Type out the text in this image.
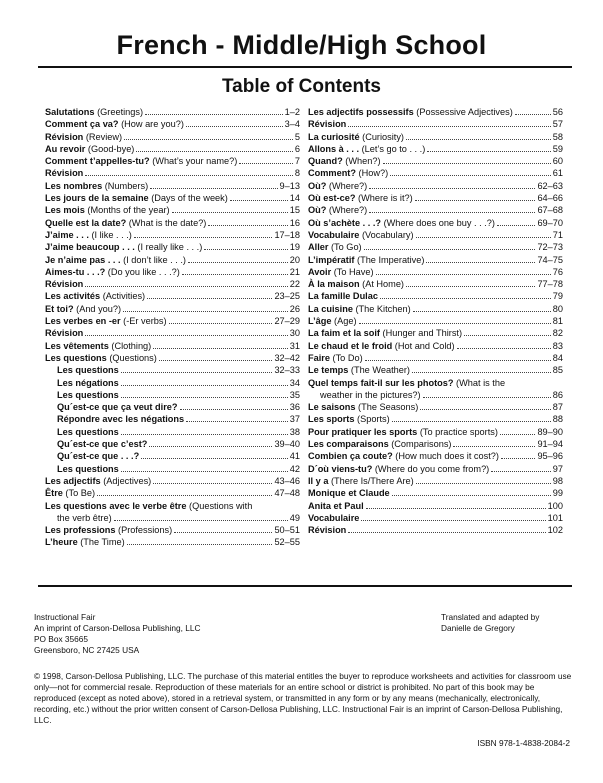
French - Middle/High School
Table of Contents
Salutations (Greetings)	1–2
Comment ça va? (How are you?)	3–4
Révision (Review)	5
Au revoir (Good-bye)	6
Comment t’appelles-tu? (What’s your name?)	7
Révision	8
Les nombres (Numbers)	9–13
Les jours de la semaine (Days of the week)	14
Les mois (Months of the year)	15
Quelle est la date? (What is the date?)	16
J’aime . . . (I like . . .)	17–18
J’aime beaucoup . . . (I really like . . .)	19
Je n’aime pas . . . (I don’t like . . .)	20
Aimes-tu . . .? (Do you like . . .?)	21
Révision	22
Les activités (Activities)	23–25
Et toi? (And you?)	26
Les verbes en -er (-Er verbs)	27–29
Révision	30
Les vêtements (Clothing)	31
Les questions (Questions)	32–42
Les questions	32–33
Les négations	34
Les questions	35
Qu´est-ce que ça veut dire?	36
Répondre avec les négations	37
Les questions	38
Qu´est-ce que c’est?	39–40
Qu´est-ce que . . .?	41
Les questions	42
Les adjectifs (Adjectives)	43–46
Être (To Be)	47–48
Les questions avec le verbe être (Questions with
the verb être)	49
Les professions (Professions)	50–51
L’heure (The Time)	52–55
Les adjectifs possessifs (Possessive Adjectives)	56
Révision	57
La curiosité (Curiosity)	58
Allons à . . . (Let’s go to . . .)	59
Quand? (When?)	60
Comment? (How?)	61
Où? (Where?)	62–63
Où est-ce? (Where is it?)	64–66
Où? (Where?)	67–68
Où s’achète . . .? (Where does one buy . . .?)	69–70
Vocabulaire (Vocabulary)	71
Aller (To Go)	72–73
L’impératif (The Imperative)	74–75
Avoir (To Have)	76
À la maison (At Home)	77–78
La famille Dulac	79
La cuisine (The Kitchen)	80
L’âge (Age)	81
La faim et la soif (Hunger and Thirst)	82
Le chaud et le froid (Hot and Cold)	83
Faire (To Do)	84
Le temps (The Weather)	85
Quel temps fait-il sur les photos? (What is the
weather in the pictures?)	86
Le saisons (The Seasons)	87
Les sports (Sports)	88
Pour pratiquer les sports (To practice sports)	89–90
Les comparaisons (Comparisons)	91–94
Combien ça coute? (How much does it cost?)	95–96
D´où viens-tu? (Where do you come from?)	97
Il y a (There Is/There Are)	98
Monique et Claude	99
Anita et Paul	100
Vocabulaire	101
Révision	102
Instructional Fair
An imprint of Carson-Dellosa Publishing, LLC
PO Box 35665
Greensboro, NC 27425 USA
Translated and adapted by
Danielle de Gregory
© 1998, Carson-Dellosa Publishing, LLC. The purchase of this material entitles the buyer to reproduce worksheets and activities for classroom use only—not for commercial resale. Reproduction of these materials for an entire school or district is prohibited. No part of this book may be reproduced (except as noted above), stored in a retrieval system, or transmitted in any form or by any means (mechanically, electronically, recording, etc.) without the prior written consent of Carson-Dellosa Publishing, LLC. Instructional Fair is an imprint of Carson-Dellosa Publishing, LLC.
ISBN 978-1-4838-2084-2
